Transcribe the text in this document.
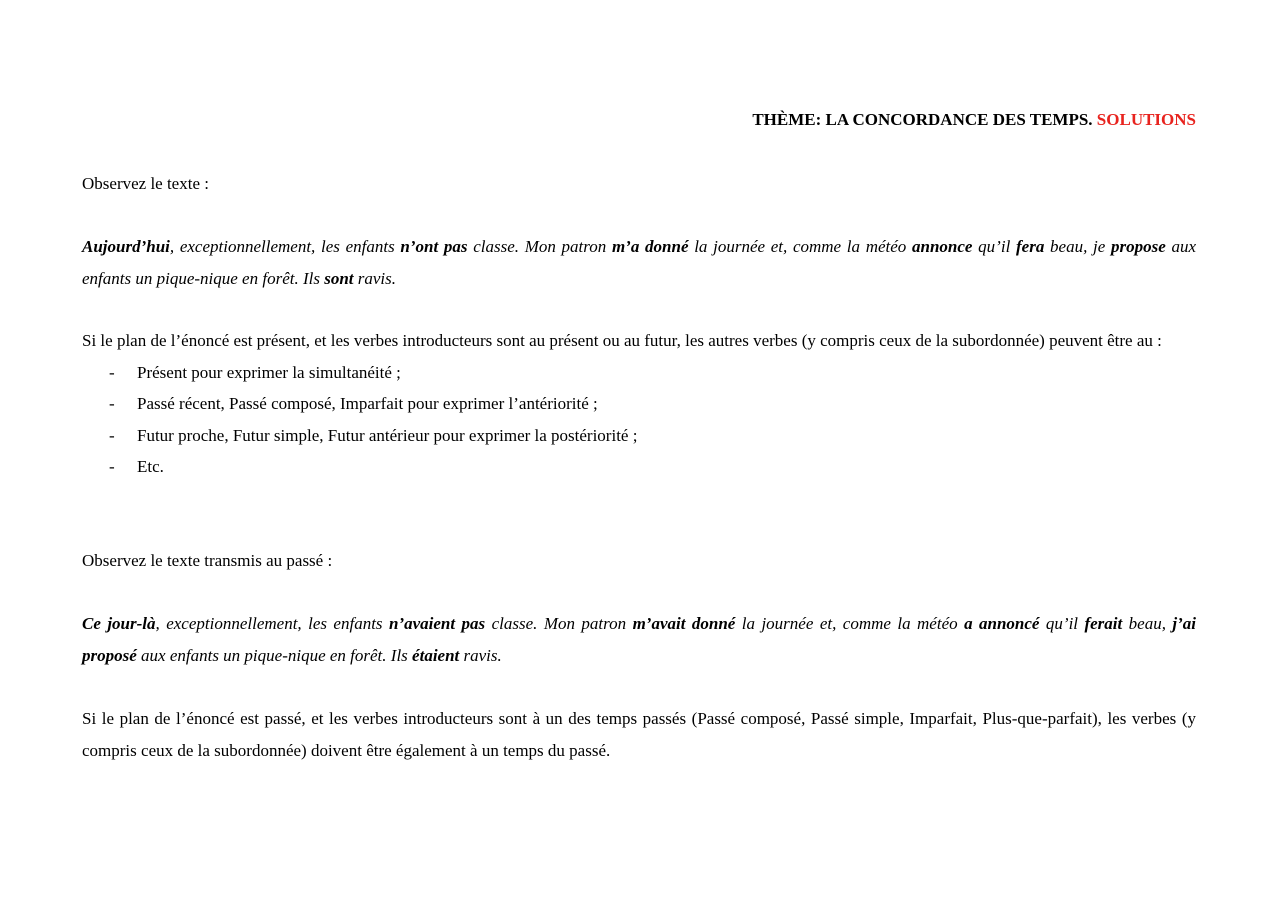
THÈME: LA CONCORDANCE DES TEMPS. SOLUTIONS

Observez le texte :

Aujourd’hui, exceptionnellement, les enfants n’ont pas classe. Mon patron m’a donné la journée et, comme la météo annonce qu’il fera beau, je propose aux enfants un pique-nique en forêt. Ils sont ravis.

Si le plan de l’énoncé est présent, et les verbes introducteurs sont au présent ou au futur, les autres verbes (y compris ceux de la subordonnée) peuvent être au :

- Présent pour exprimer la simultanéité ;
- Passé récent, Passé composé, Imparfait pour exprimer l’antériorité ;
- Futur proche, Futur simple, Futur antérieur pour exprimer la postériorité ;
- Etc.

Observez le texte transmis au passé :

Ce jour-là, exceptionnellement, les enfants n’avaient pas classe. Mon patron m’avait donné la journée et, comme la météo a annoncé qu’il ferait beau, j’ai proposé aux enfants un pique-nique en forêt. Ils étaient ravis.

Si le plan de l’énoncé est passé, et les verbes introducteurs sont à un des temps passés (Passé composé, Passé simple, Imparfait, Plus-que-parfait), les verbes (y compris ceux de la subordonnée) doivent être également à un temps du passé.
